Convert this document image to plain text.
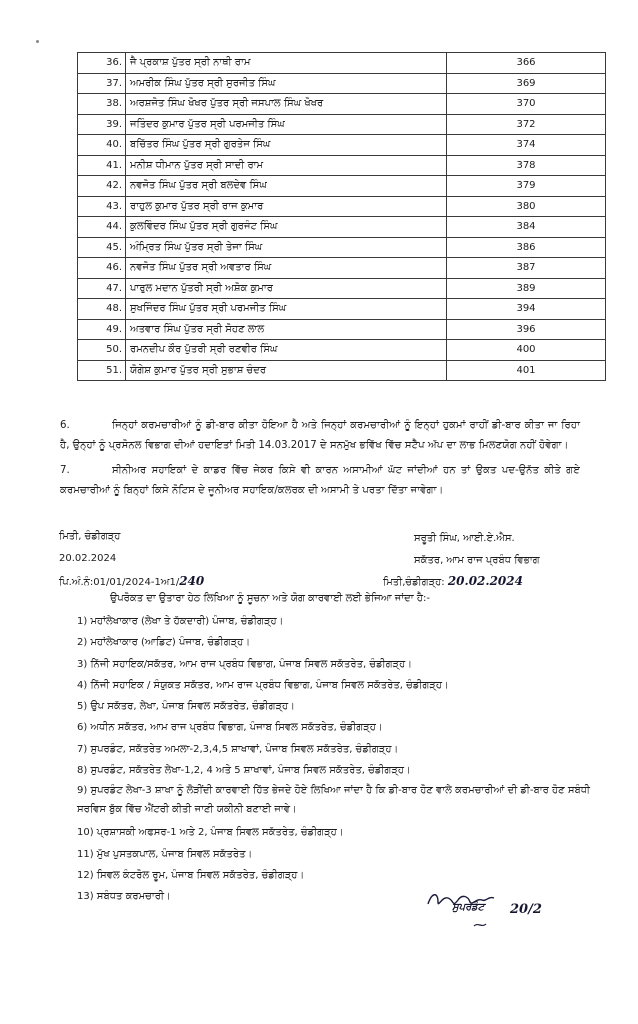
36.	ਜੈ ਪ੍ਰਕਾਸ਼ ਪੁੱਤਰ ਸ੍ਰੀ ਨਾਥੀ ਰਾਮ	366
37.	ਅਮਰੀਕ ਸਿੰਘ ਪੁੱਤਰ ਸ੍ਰੀ ਸੁਰਜੀਤ ਸਿੰਘ	369
38.	ਅਰਸ਼ਜੋਤ ਸਿੰਘ ਖੋਖਰ ਪੁੱਤਰ ਸ੍ਰੀ ਜਸਪਾਲ ਸਿੰਘ ਖੋਖਰ	370
39.	ਜਤਿੰਦਰ ਕੁਮਾਰ ਪੁੱਤਰ ਸ੍ਰੀ ਪਰਮਜੀਤ ਸਿੰਘ	372
40.	ਬਚਿੱਤਰ ਸਿੰਘ ਪੁੱਤਰ ਸ੍ਰੀ ਗੁਰਤੇਜ ਸਿੰਘ	374
41.	ਮਨੀਸ਼ ਧੀਮਾਨ ਪੁੱਤਰ ਸ੍ਰੀ ਸਾਦੀ ਰਾਮ	378
42.	ਨਵਜੋਤ ਸਿੰਘ ਪੁੱਤਰ ਸ੍ਰੀ ਬਲਦੇਵ ਸਿੰਘ	379
43.	ਰਾਹੁਲ ਕੁਮਾਰ ਪੁੱਤਰ ਸ੍ਰੀ ਰਾਜ ਕੁਮਾਰ	380
44.	ਕੁਲਵਿੰਦਰ ਸਿੰਘ ਪੁੱਤਰ ਸ੍ਰੀ ਗੁਰਜੰਟ ਸਿੰਘ	384
45.	ਅੰਮ੍ਰਿਤ ਸਿੰਘ ਪੁੱਤਰ ਸ੍ਰੀ ਤੇਜਾ ਸਿੰਘ	386
46.	ਨਵਜੋਤ ਸਿੰਘ ਪੁੱਤਰ ਸ੍ਰੀ ਅਵਤਾਰ ਸਿੰਘ	387
47.	ਪਾਰੁਲ ਮਦਾਨ ਪੁੱਤਰੀ ਸ੍ਰੀ ਅਸ਼ੋਕ ਕੁਮਾਰ	389
48.	ਸੁਖਜਿੰਦਰ ਸਿੰਘ ਪੁੱਤਰ ਸ੍ਰੀ ਪਰਮਜੀਤ ਸਿੰਘ	394
49.	ਅਤਵਾਰ ਸਿੰਘ ਪੁੱਤਰ ਸ੍ਰੀ ਸੋਹਣ ਲਾਲ	396
50.	ਰਮਨਦੀਪ ਕੌਰ ਪੁੱਤਰੀ ਸ੍ਰੀ ਰਣਵੀਰ ਸਿੰਘ	400
51.	ਯੋਗੇਸ਼ ਕੁਮਾਰ ਪੁੱਤਰ ਸ੍ਰੀ ਸੁਭਾਸ਼ ਚੰਦਰ	401
6.	ਜਿਨ੍ਹਾਂ ਕਰਮਚਾਰੀਆਂ ਨੂੰ ਡੀ-ਬਾਰ ਕੀਤਾ ਹੋਇਆ ਹੈ ਅਤੇ ਜਿਨ੍ਹਾਂ ਕਰਮਚਾਰੀਆਂ ਨੂੰ ਇਨ੍ਹਾਂ ਹੁਕਮਾਂ ਰਾਹੀਂ ਡੀ-ਬਾਰ ਕੀਤਾ ਜਾ ਰਿਹਾ ਹੈ, ਉਨ੍ਹਾਂ ਨੂੰ ਪ੍ਰਸੋਨਲ ਵਿਭਾਗ ਦੀਆਂ ਹਦਾਇਤਾਂ ਮਿਤੀ 14.03.2017 ਦੇ ਸਨਮੁੱਖ ਭਵਿੱਖ ਵਿੱਚ ਸਟੈੱਪ ਅੱਪ ਦਾ ਲਾਭ ਮਿਲਣਯੋਗ ਨਹੀਂ ਹੋਵੇਗਾ।
7.	ਸੀਨੀਅਰ ਸਹਾਇਕਾਂ ਦੇ ਕਾਡਰ ਵਿੱਚ ਜੇਕਰ ਕਿਸੇ ਵੀ ਕਾਰਨ ਅਸਾਮੀਆਂ ਘੱਟ ਜਾਂਦੀਆਂ ਹਨ ਤਾਂ ਉਕਤ ਪਦ-ਉਨੱਤ ਕੀਤੇ ਗਏ ਕਰਮਚਾਰੀਆਂ ਨੂੰ ਬਿਨ੍ਹਾਂ ਕਿਸੇ ਨੋਟਿਸ ਦੇ ਜੂਨੀਅਰ ਸਹਾਇਕ/ਕਲਰਕ ਦੀ ਅਸਾਮੀ ਤੇ ਪਰਤਾ ਦਿੱਤਾ ਜਾਵੇਗਾ।
ਮਿਤੀ, ਚੰਡੀਗੜ੍ਹ
20.02.2024
ਸਰੂਤੀ ਸਿੰਘ, ਆਈ.ਏ.ਐਸ.
ਸਕੱਤਰ, ਆਮ ਰਾਜ ਪ੍ਰਬੰਧ ਵਿਭਾਗ
ਪਿ.ਅੰ.ਨੰ:01/01/2024-1ਅ1/240	ਮਿਤੀ,ਚੰਡੀਗੜ੍ਹ: 20.02.2024
ਉਪਰੋਕਤ ਦਾ ਉਤਾਰਾ ਹੇਠ ਲਿਖਿਆ ਨੂੰ ਸੂਚਨਾ ਅਤੇ ਯੋਗ ਕਾਰਵਾਈ ਲਈ ਭੇਜਿਆ ਜਾਂਦਾ ਹੈ:-
1) ਮਹਾਂਲੇਖਾਕਾਰ (ਲੇਖਾ ਤੇ ਹੱਕਦਾਰੀ) ਪੰਜਾਬ, ਚੰਡੀਗੜ੍ਹ।
2) ਮਹਾਂਲੇਖਾਕਾਰ (ਆਡਿਟ) ਪੰਜਾਬ, ਚੰਡੀਗੜ੍ਹ।
3) ਨਿੱਜੀ ਸਹਾਇਕ/ਸਕੱਤਰ, ਆਮ ਰਾਜ ਪ੍ਰਬੰਧ ਵਿਭਾਗ, ਪੰਜਾਬ ਸਿਵਲ ਸਕੱਤਰੇਤ, ਚੰਡੀਗੜ੍ਹ।
4) ਨਿੱਜੀ ਸਹਾਇਕ / ਸੰਯੁਕਤ ਸਕੱਤਰ, ਆਮ ਰਾਜ ਪ੍ਰਬੰਧ ਵਿਭਾਗ, ਪੰਜਾਬ ਸਿਵਲ ਸਕੱਤਰੇਤ, ਚੰਡੀਗੜ੍ਹ।
5) ਉਪ ਸਕੱਤਰ, ਲੇਖਾ, ਪੰਜਾਬ ਸਿਵਲ ਸਕੱਤਰੇਤ, ਚੰਡੀਗੜ੍ਹ।
6) ਅਧੀਨ ਸਕੱਤਰ, ਆਮ ਰਾਜ ਪ੍ਰਬੰਧ ਵਿਭਾਗ, ਪੰਜਾਬ ਸਿਵਲ ਸਕੱਤਰੇਤ, ਚੰਡੀਗੜ੍ਹ।
7) ਸੁਪਰਡੰਟ, ਸਕੱਤਰੇਤ ਅਮਲਾ-2,3,4,5 ਸ਼ਾਖਾਵਾਂ, ਪੰਜਾਬ ਸਿਵਲ ਸਕੱਤਰੇਤ, ਚੰਡੀਗੜ੍ਹ।
8) ਸੁਪਰਡੰਟ, ਸਕੱਤਰੇਤ ਲੇਖਾ-1,2, 4 ਅਤੇ 5 ਸ਼ਾਖਾਵਾਂ, ਪੰਜਾਬ ਸਿਵਲ ਸਕੱਤਰੇਤ, ਚੰਡੀਗੜ੍ਹ।
9) ਸੁਪਰਡੰਟ ਲੇਖਾ-3 ਸ਼ਾਖਾ ਨੂੰ ਲੋੜੀਂਦੀ ਕਾਰਵਾਈ ਹਿੱਤ ਭੇਜਦੇ ਹੋਏ ਲਿਖਿਆ ਜਾਂਦਾ ਹੈ ਕਿ ਡੀ-ਬਾਰ ਹੋਣ ਵਾਲੇ ਕਰਮਚਾਰੀਆਂ ਦੀ ਡੀ-ਬਾਰ ਹੋਣ ਸਬੰਧੀ ਸਰਵਿਸ ਬੁੱਕ ਵਿੱਚ ਐਂਟਰੀ ਕੀਤੀ ਜਾਣੀ ਯਕੀਨੀ ਬਣਾਈ ਜਾਵੇ।
10) ਪ੍ਰਸ਼ਾਸਕੀ ਅਫਸਰ-1 ਅਤੇ 2, ਪੰਜਾਬ ਸਿਵਲ ਸਕੱਤਰੇਤ, ਚੰਡੀਗੜ੍ਹ।
11) ਮੁੱਖ ਪੁਸਤਕਪਾਲ, ਪੰਜਾਬ ਸਿਵਲ ਸਕੱਤਰੇਤ।
12) ਸਿਵਲ ਕੰਟਰੋਲ ਰੂਮ, ਪੰਜਾਬ ਸਿਵਲ ਸਕੱਤਰੇਤ, ਚੰਡੀਗੜ੍ਹ।
13) ਸਬੰਧਤ ਕਰਮਚਾਰੀ।
ਸੁਪਰਡੰਟ 20/2
